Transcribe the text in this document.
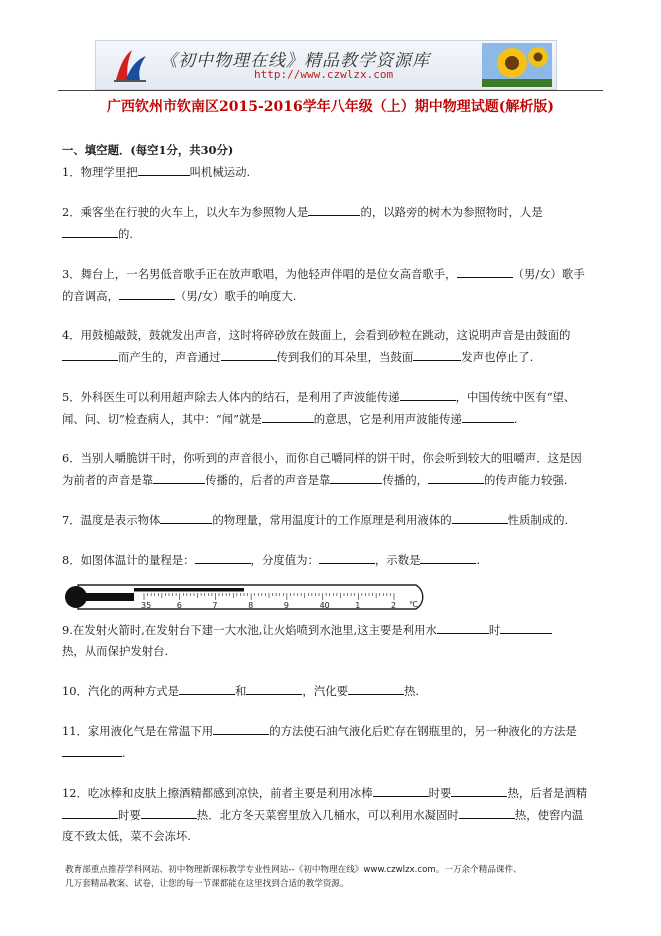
《初中物理在线》精品教学资源库
http://www.czwlzx.com
广西钦州市钦南区2015-2016学年八年级（上）期中物理试题(解析版)

一、填空题．(每空1分，共30分)

1．物理学里把	叫机械运动.

2．乘客坐在行驶的火车上，以火车为参照物人是	的，以路旁的树木为参照物时，人是
的.

3．舞台上，一名男低音歌手正在放声歌唱，为他轻声伴唱的是位女高音歌手，	（男/女）歌手的音调高，	（男/女）歌手的响度大.

4．用鼓槌敲鼓，鼓就发出声音，这时将碎砂放在鼓面上，会看到砂粒在跳动，这说明声音是由鼓面的而产生的，声音通过	传到我们的耳朵里，当鼓面	发声也停止了.

5．外科医生可以利用超声除去人体内的结石，是利用了声波能传递	，中国传统中医有“望、闻、问、切”检查病人，其中：“闻”就是	的意思，它是利用声波能传递	.

6．当别人嚼脆饼干时，你听到的声音很小，而你自己嚼同样的饼干时，你会听到较大的咀嚼声．这是因为前者的声音是靠	传播的，后者的声音是靠	传播的，	的传声能力较强.

7．温度是表示物体	的物理量，常用温度计的工作原理是利用液体的	性质制成的.

8．如图体温计的量程是：	，分度值为：	，示数是	.

35	6	7	8	9	40	1	2 ℃

9.在发射火箭时,在发射台下建一大水池,让火焰喷到水池里,这主要是利用水	时
热，从而保护发射台.

10．汽化的两种方式是	和	，汽化要	热.

11．家用液化气是在常温下用	的方法使石油气液化后贮存在钢瓶里的，另一种液化的方法是
.

12．吃冰棒和皮肤上擦酒精都感到凉快，前者主要是利用冰棒	时要	热，后者是酒精时要	热．北方冬天菜窖里放入几桶水，可以利用水凝固时	热，使窖内温度不致太低，菜不会冻坏.

教育部重点推荐学科网站、初中物理新课标教学专业性网站--《初中物理在线》www.czwlzx.com。一万余个精品课件、
几万套精品教案、试卷，让您的每一节课都能在这里找到合适的教学资源。
